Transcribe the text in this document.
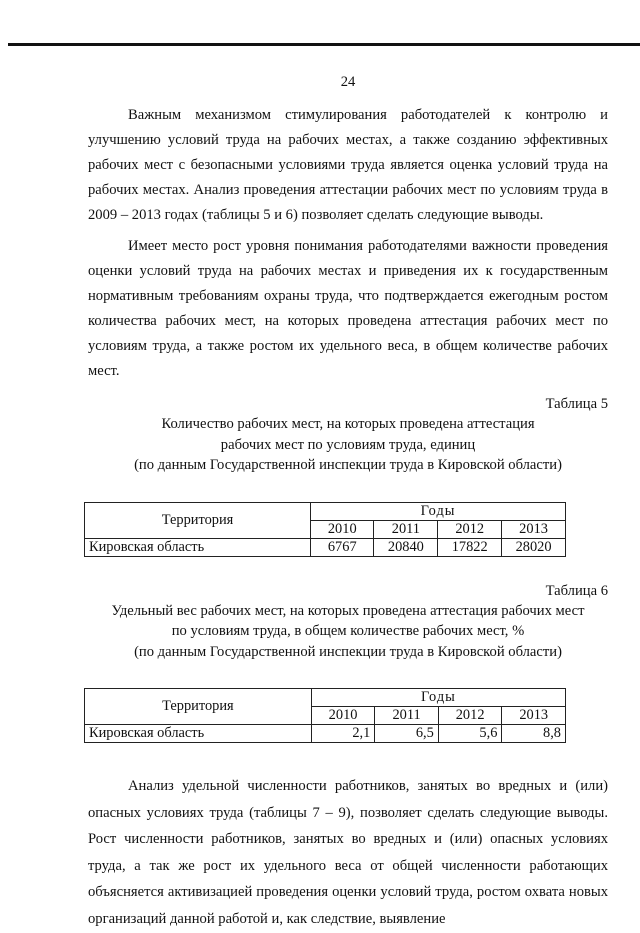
24

Важным механизмом стимулирования работодателей к контролю и улучшению условий труда на рабочих местах, а также созданию эффективных рабочих мест с безопасными условиями труда является оценка условий труда на рабочих местах. Анализ проведения аттестации рабочих мест по условиям труда в 2009 – 2013 годах (таблицы 5 и 6) позволяет сделать следующие выводы.

Имеет место рост уровня понимания работодателями важности проведения оценки условий труда на рабочих местах и приведения их к государственным нормативным требованиям охраны труда, что подтверждается ежегодным ростом количества рабочих мест, на которых проведена аттестация рабочих мест по условиям труда, а также ростом их удельного веса, в общем количестве рабочих мест.

Таблица 5
Количество рабочих мест, на которых проведена аттестация
рабочих мест по условиям труда, единиц
(по данным Государственной инспекции труда в Кировской области)
Территория	Годы			
	2010	2011	2012	2013
Кировская область	6767	20840	17822	28020
Таблица 6
Удельный вес рабочих мест, на которых проведена аттестация рабочих мест
по условиям труда, в общем количестве рабочих мест, %
(по данным Государственной инспекции труда в Кировской области)
Территория	Годы			
	2010	2011	2012	2013
Кировская область	2,1	6,5	5,6	8,8

Анализ удельной численности работников, занятых во вредных и (или) опасных условиях труда (таблицы 7 – 9), позволяет сделать следующие выводы. Рост численности работников, занятых во вредных и (или) опасных условиях труда, а так же рост их удельного веса от общей численности работающих объясняется активизацией проведения оценки условий труда, ростом охвата новых организаций данной работой и, как следствие, выявление
